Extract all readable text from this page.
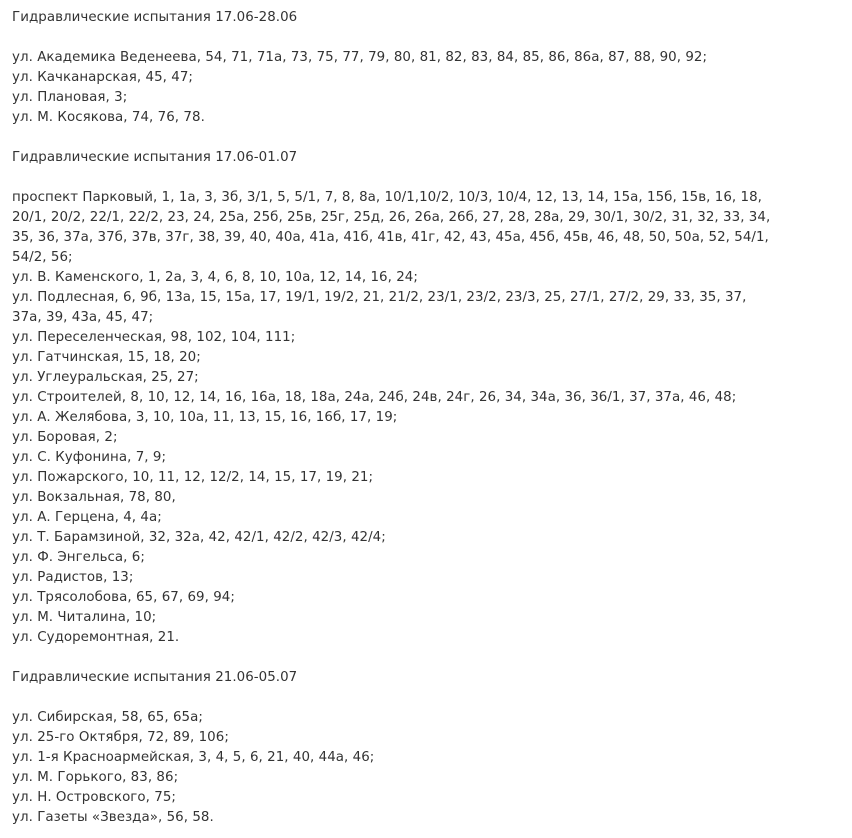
Гидравлические испытания 17.06-28.06
ул. Академика Веденеева, 54, 71, 71а, 73, 75, 77, 79, 80, 81, 82, 83, 84, 85, 86, 86а, 87, 88, 90, 92;
ул. Качканарская, 45, 47;
ул. Плановая, 3;
ул. М. Косякова, 74, 76, 78.
Гидравлические испытания 17.06-01.07
проспект Парковый, 1, 1а, 3, 3б, 3/1, 5, 5/1, 7, 8, 8а, 10/1,10/2, 10/3, 10/4, 12, 13, 14, 15а, 15б, 15в, 16, 18,
20/1, 20/2, 22/1, 22/2, 23, 24, 25а, 25б, 25в, 25г, 25д, 26, 26а, 26б, 27, 28, 28а, 29, 30/1, 30/2, 31, 32, 33, 34,
35, 36, 37а, 37б, 37в, 37г, 38, 39, 40, 40а, 41а, 41б, 41в, 41г, 42, 43, 45а, 45б, 45в, 46, 48, 50, 50а, 52, 54/1,
54/2, 56;
ул. В. Каменского, 1, 2а, 3, 4, 6, 8, 10, 10а, 12, 14, 16, 24;
ул. Подлесная, 6, 9б, 13а, 15, 15а, 17, 19/1, 19/2, 21, 21/2, 23/1, 23/2, 23/3, 25, 27/1, 27/2, 29, 33, 35, 37,
37а, 39, 43а, 45, 47;
ул. Переселенческая, 98, 102, 104, 111;
ул. Гатчинская, 15, 18, 20;
ул. Углеуральская, 25, 27;
ул. Строителей, 8, 10, 12, 14, 16, 16а, 18, 18а, 24а, 24б, 24в, 24г, 26, 34, 34а, 36, 36/1, 37, 37а, 46, 48;
ул. А. Желябова, 3, 10, 10а, 11, 13, 15, 16, 16б, 17, 19;
ул. Боровая, 2;
ул. С. Куфонина, 7, 9;
ул. Пожарского, 10, 11, 12, 12/2, 14, 15, 17, 19, 21;
ул. Вокзальная, 78, 80,
ул. А. Герцена, 4, 4а;
ул. Т. Барамзиной, 32, 32а, 42, 42/1, 42/2, 42/3, 42/4;
ул. Ф. Энгельса, 6;
ул. Радистов, 13;
ул. Трясолобова, 65, 67, 69, 94;
ул. М. Читалина, 10;
ул. Судоремонтная, 21.
Гидравлические испытания 21.06-05.07
ул. Сибирская, 58, 65, 65а;
ул. 25-го Октября, 72, 89, 106;
ул. 1-я Красноармейская, 3, 4, 5, 6, 21, 40, 44а, 46;
ул. М. Горького, 83, 86;
ул. Н. Островского, 75;
ул. Газеты «Звезда», 56, 58.
